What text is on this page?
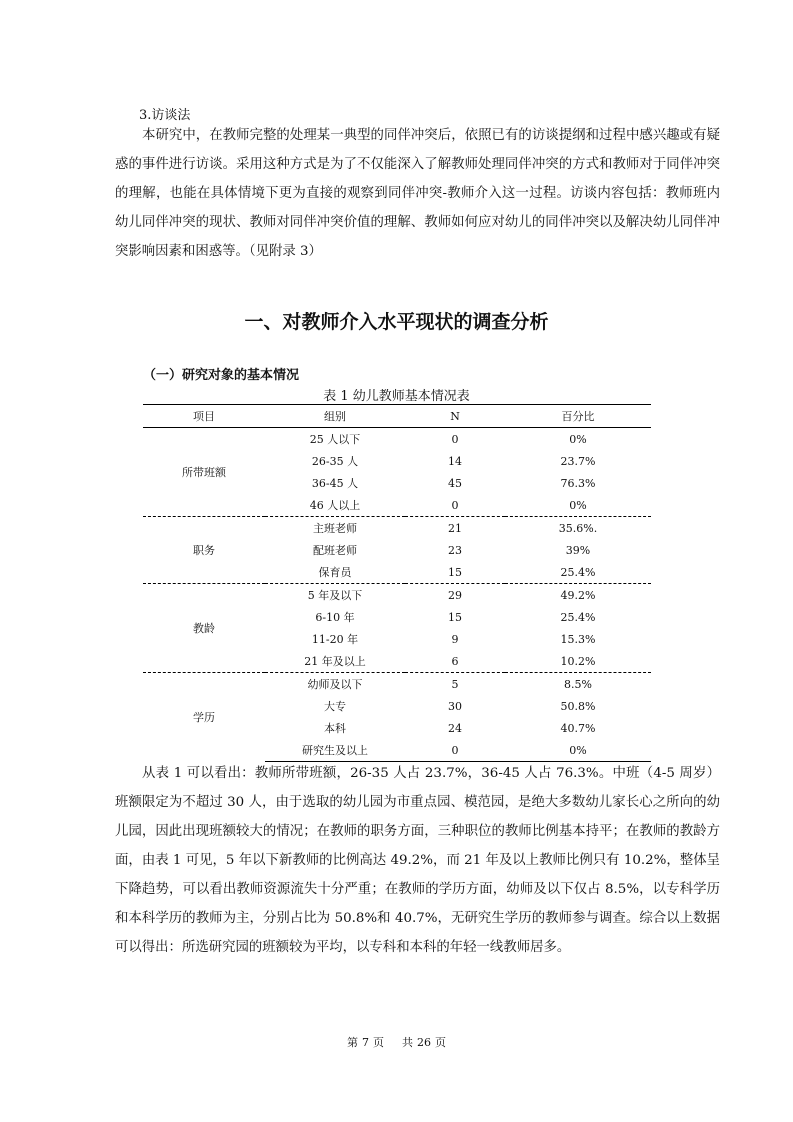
3.访谈法

本研究中，在教师完整的处理某一典型的同伴冲突后，依照已有的访谈提纲和过程中感兴趣或有疑惑的事件进行访谈。采用这种方式是为了不仅能深入了解教师处理同伴冲突的方式和教师对于同伴冲突的理解，也能在具体情境下更为直接的观察到同伴冲突-教师介入这一过程。访谈内容包括：教师班内幼儿同伴冲突的现状、教师对同伴冲突价值的理解、教师如何应对幼儿的同伴冲突以及解决幼儿同伴冲突影响因素和困惑等。（见附录 3）

一、对教师介入水平现状的调查分析
（一）研究对象的基本情况
表 1 幼儿教师基本情况表
项目	组别	N	百分比
所带班额	25 人以下	0	0%
	26-35 人	14	23.7%
	36-45 人	45	76.3%
	46 人以上	0	0%
职务	主班老师	21	35.6%.
	配班老师	23	39%
	保育员	15	25.4%
教龄	5 年及以下	29	49.2%
	6-10 年	15	25.4%
	11-20 年	9	15.3%
	21 年及以上	6	10.2%
学历	幼师及以下	5	8.5%
	大专	30	50.8%
	本科	24	40.7%
	研究生及以上	0	0%

从表 1 可以看出：教师所带班额，26-35 人占 23.7%，36-45 人占 76.3%。中班（4-5 周岁）班额限定为不超过 30 人，由于选取的幼儿园为市重点园、模范园，是绝大多数幼儿家长心之所向的幼儿园，因此出现班额较大的情况；在教师的职务方面，三种职位的教师比例基本持平；在教师的教龄方面，由表 1 可见，5 年以下新教师的比例高达 49.2%，而 21 年及以上教师比例只有 10.2%，整体呈下降趋势，可以看出教师资源流失十分严重；在教师的学历方面，幼师及以下仅占 8.5%，以专科学历和本科学历的教师为主，分别占比为 50.8%和 40.7%，无研究生学历的教师参与调查。综合以上数据可以得出：所选研究园的班额较为平均，以专科和本科的年轻一线教师居多。

第 7 页 共 26 页
